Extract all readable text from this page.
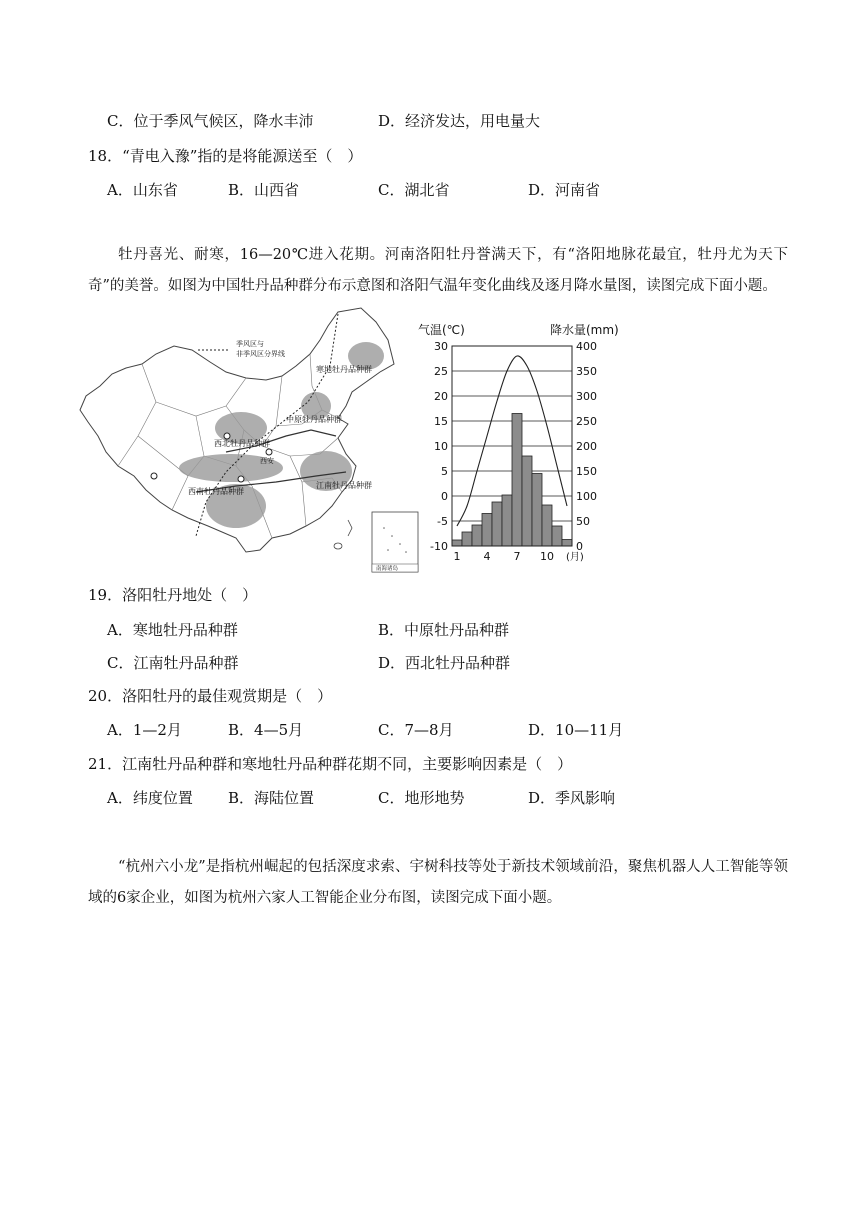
C．位于季风气候区，降水丰沛	D．经济发达，用电量大
18．“青电入豫”指的是将能源送至（　）
A．山东省	B．山西省	C．湖北省	D．河南省
牡丹喜光、耐寒，16—20℃进入花期。河南洛阳牡丹誉满天下，有“洛阳地脉花最宜，牡丹尤为天下奇”的美誉。如图为中国牡丹品种群分布示意图和洛阳气温年变化曲线及逐月降水量图，读图完成下面小题。
季风区与
非季风区分界线
寒地牡丹品种群
中原牡丹品种群
西北牡丹品种群
西安
西南牡丹品种群
江南牡丹品种群
南海诸岛
气温(℃)	降水量(mm)
30
25
20
15
10
5
0
-5
-10
400
350
300
250
200
150
100
50
0
1 4 7 10 (月)
19．洛阳牡丹地处（　）
A．寒地牡丹品种群	B．中原牡丹品种群
C．江南牡丹品种群	D．西北牡丹品种群
20．洛阳牡丹的最佳观赏期是（　）
A．1—2月	B．4—5月	C．7—8月	D．10—11月
21．江南牡丹品种群和寒地牡丹品种群花期不同，主要影响因素是（　）
A．纬度位置 B．海陆位置	C．地形地势	D．季风影响
“杭州六小龙”是指杭州崛起的包括深度求索、宇树科技等处于新技术领域前沿，聚焦机器人人工智能等领域的6家企业，如图为杭州六家人工智能企业分布图，读图完成下面小题。
